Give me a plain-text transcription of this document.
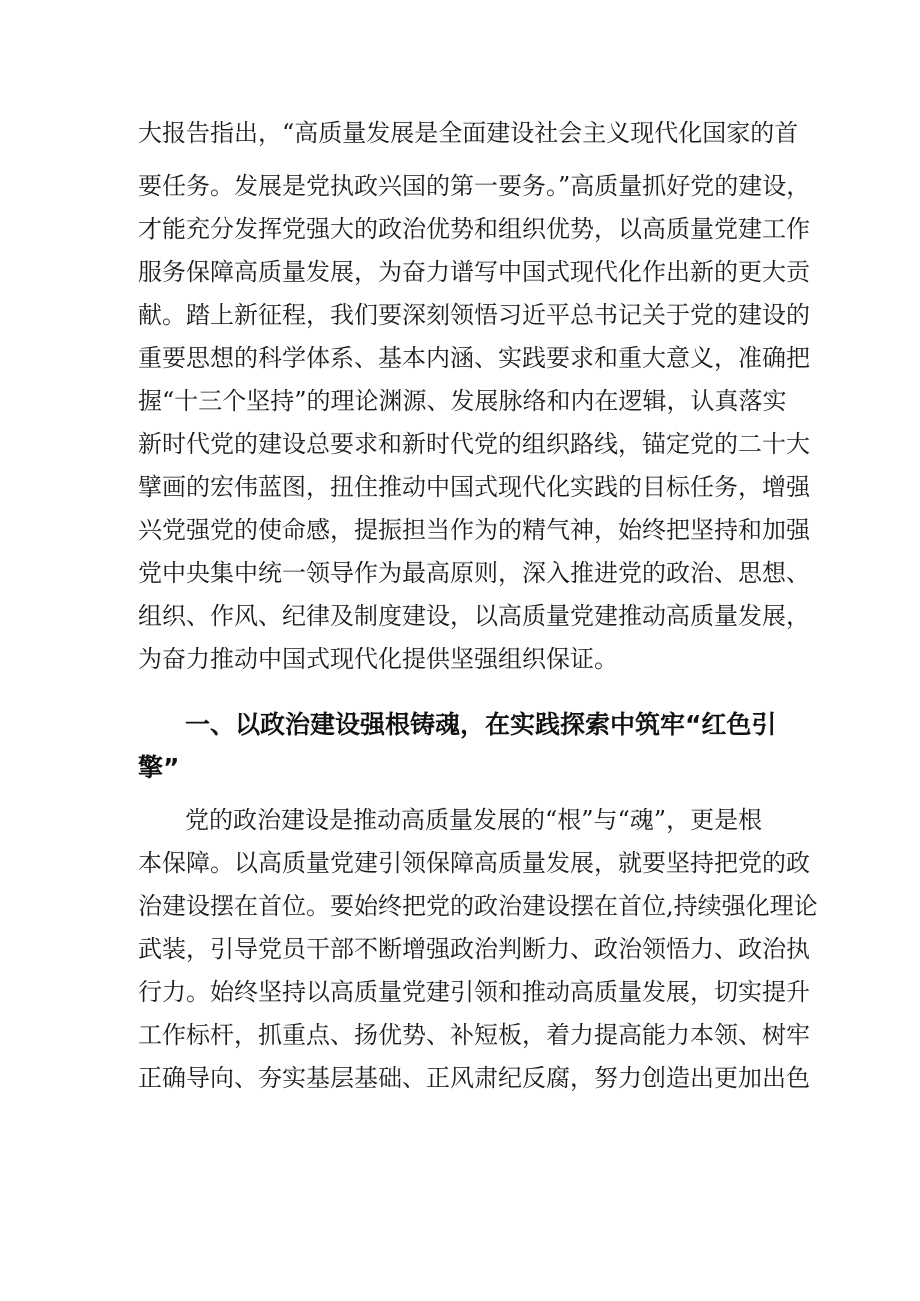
大报告指出，“高质量发展是全面建设社会主义现代化国家的首
要任务。发展是党执政兴国的第一要务。”高质量抓好党的建设，
才能充分发挥党强大的政治优势和组织优势，以高质量党建工作
服务保障高质量发展，为奋力谱写中国式现代化作出新的更大贡
献。踏上新征程，我们要深刻领悟习近平总书记关于党的建设的
重要思想的科学体系、基本内涵、实践要求和重大意义，准确把
握“十三个坚持”的理论渊源、发展脉络和内在逻辑，认真落实
新时代党的建设总要求和新时代党的组织路线，锚定党的二十大
擘画的宏伟蓝图，扭住推动中国式现代化实践的目标任务，增强
兴党强党的使命感，提振担当作为的精气神，始终把坚持和加强
党中央集中统一领导作为最高原则，深入推进党的政治、思想、
组织、作风、纪律及制度建设，以高质量党建推动高质量发展，
为奋力推动中国式现代化提供坚强组织保证。
一、以政治建设强根铸魂，在实践探索中筑牢“红色引
擎”
党的政治建设是推动高质量发展的“根”与“魂”，更是根
本保障。以高质量党建引领保障高质量发展，就要坚持把党的政
治建设摆在首位。要始终把党的政治建设摆在首位,持续强化理论
武装，引导党员干部不断增强政治判断力、政治领悟力、政治执
行力。始终坚持以高质量党建引领和推动高质量发展，切实提升
工作标杆，抓重点、扬优势、补短板，着力提高能力本领、树牢
正确导向、夯实基层基础、正风肃纪反腐，努力创造出更加出色
